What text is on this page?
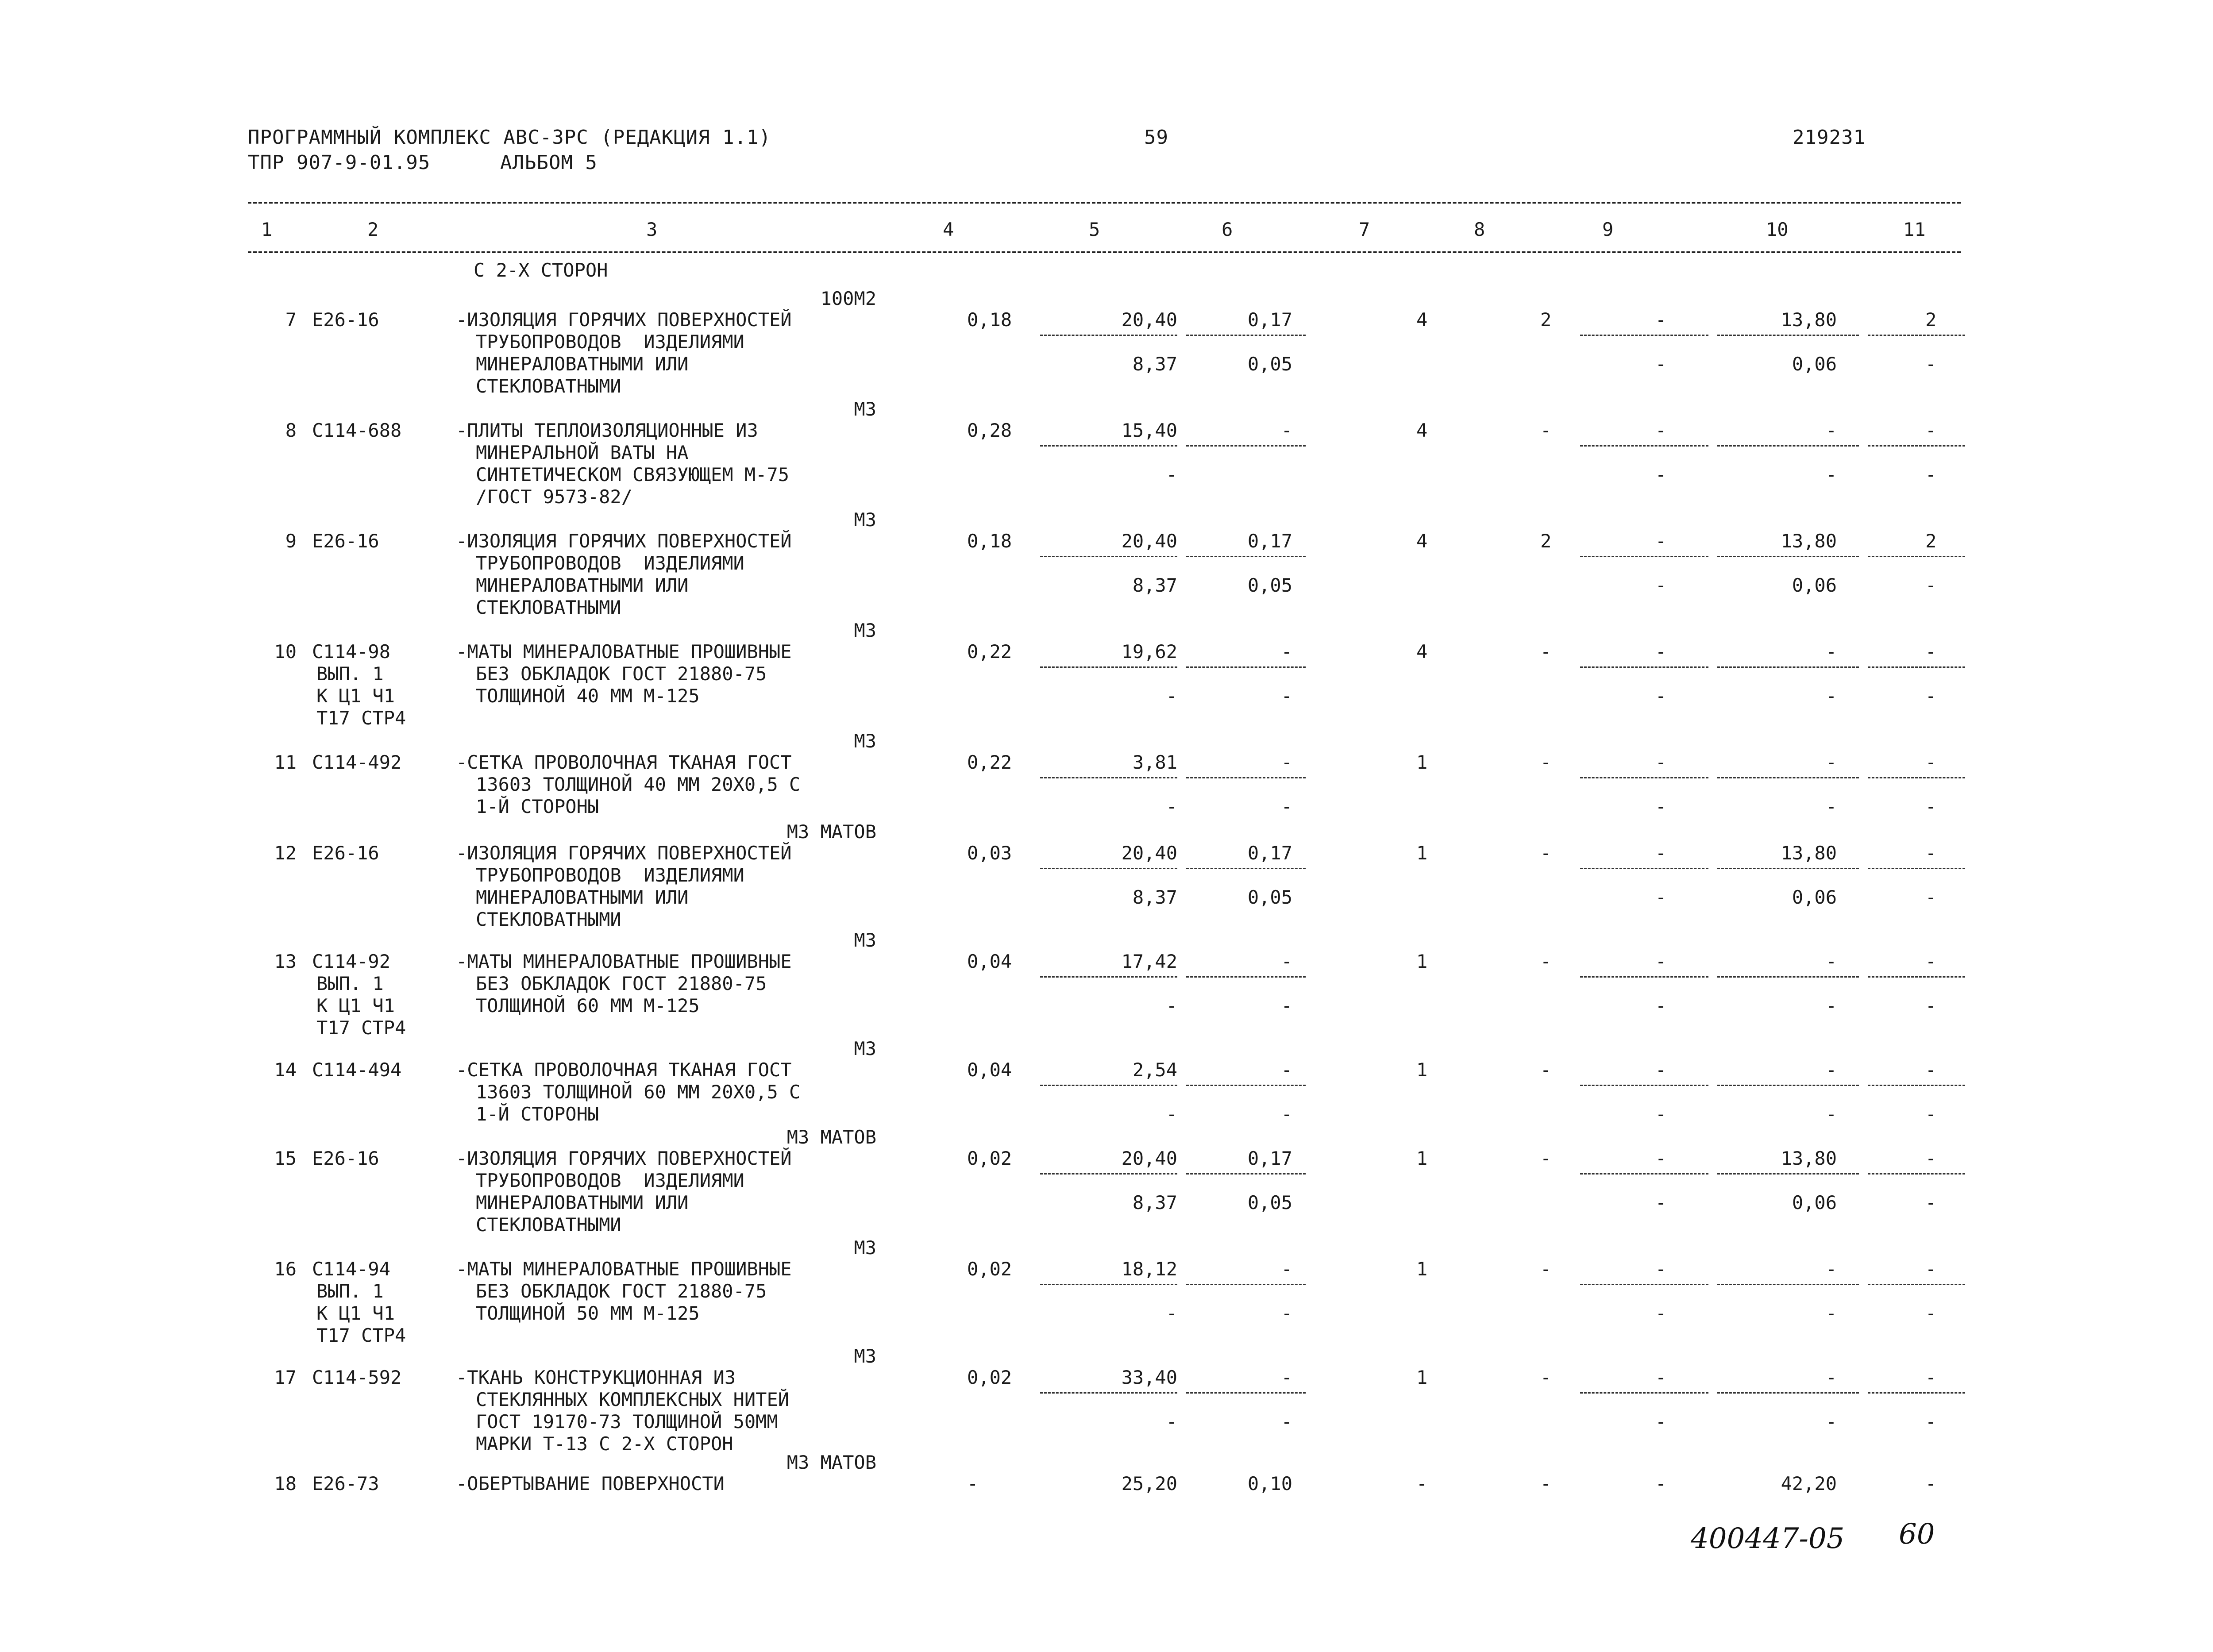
ПРОГРАММНЫЙ КОМПЛЕКС АВС-3РС (РЕДАКЦИЯ 1.1)	59	219231
ТПР 907-9-01.95	АЛЬБОМ 5
1	2	3	4	5	6	7	8	9	10	11
С 2-Х СТОРОН
100М2
7 Е26-16	-ИЗОЛЯЦИЯ ГОРЯЧИХ ПОВЕРХНОСТЕЙ
ТРУБОПРОВОДОВ  ИЗДЕЛИЯМИ
МИНЕРАЛОВАТНЫМИ ИЛИ
СТЕКЛОВАТНЫМИ
0,18	20,40	0,17	4	2	-	13,80	2
8,37	0,05	-	0,06	-
М3
8 С114-688	-ПЛИТЫ ТЕПЛОИЗОЛЯЦИОННЫЕ ИЗ
МИНЕРАЛЬНОЙ ВАТЫ НА
СИНТЕТИЧЕСКОМ СВЯЗУЮЩЕМ М-75
/ГОСТ 9573-82/
0,28	15,40	-	4	-	-	-	-
-	-	-	-
М3
9 Е26-16	-ИЗОЛЯЦИЯ ГОРЯЧИХ ПОВЕРХНОСТЕЙ
ТРУБОПРОВОДОВ  ИЗДЕЛИЯМИ
МИНЕРАЛОВАТНЫМИ ИЛИ
СТЕКЛОВАТНЫМИ
0,18	20,40	0,17	4	2	-	13,80	2
8,37	0,05	-	0,06	-
М3
10 С114-98
ВЫП. 1
К Ц1 Ч1
Т17 СТР4
-МАТЫ МИНЕРАЛОВАТНЫЕ ПРОШИВНЫЕ
БЕЗ ОБКЛАДОК ГОСТ 21880-75
ТОЛЩИНОЙ 40 ММ М-125
0,22	19,62	-	4	-	-	-	-
-	-	-	-	-
М3
11 С114-492	-СЕТКА ПРОВОЛОЧНАЯ ТКАНАЯ ГОСТ
13603 ТОЛЩИНОЙ 40 ММ 20Х0,5 С
1-Й СТОРОНЫ
0,22	3,81	-	1	-	-	-	-
-	-	-	-	-
М3 МАТОВ
12 Е26-16	-ИЗОЛЯЦИЯ ГОРЯЧИХ ПОВЕРХНОСТЕЙ
ТРУБОПРОВОДОВ  ИЗДЕЛИЯМИ
МИНЕРАЛОВАТНЫМИ ИЛИ
СТЕКЛОВАТНЫМИ
0,03	20,40	0,17	1	-	-	13,80	-
8,37	0,05	-	0,06	-
М3
13 С114-92
ВЫП. 1
К Ц1 Ч1
Т17 СТР4
-МАТЫ МИНЕРАЛОВАТНЫЕ ПРОШИВНЫЕ
БЕЗ ОБКЛАДОК ГОСТ 21880-75
ТОЛЩИНОЙ 60 ММ М-125
0,04	17,42	-	1	-	-	-	-
-	-	-	-	-
М3
14 С114-494	-СЕТКА ПРОВОЛОЧНАЯ ТКАНАЯ ГОСТ
13603 ТОЛЩИНОЙ 60 ММ 20Х0,5 С
1-Й СТОРОНЫ
0,04	2,54	-	1	-	-	-	-
-	-	-	-	-
М3 МАТОВ
15 Е26-16	-ИЗОЛЯЦИЯ ГОРЯЧИХ ПОВЕРХНОСТЕЙ
ТРУБОПРОВОДОВ  ИЗДЕЛИЯМИ
МИНЕРАЛОВАТНЫМИ ИЛИ
СТЕКЛОВАТНЫМИ
0,02	20,40	0,17	1	-	-	13,80	-
8,37	0,05	-	0,06	-
М3
16 С114-94
ВЫП. 1
К Ц1 Ч1
Т17 СТР4
-МАТЫ МИНЕРАЛОВАТНЫЕ ПРОШИВНЫЕ
БЕЗ ОБКЛАДОК ГОСТ 21880-75
ТОЛЩИНОЙ 50 ММ М-125
0,02	18,12	-	1	-	-	-	-
-	-	-	-	-
М3
17 С114-592	-ТКАНЬ КОНСТРУКЦИОННАЯ ИЗ
СТЕКЛЯННЫХ КОМПЛЕКСНЫХ НИТЕЙ
ГОСТ 19170-73 ТОЛЩИНОЙ 50ММ
МАРКИ Т-13 С 2-Х СТОРОН
0,02	33,40	-	1	-	-	-	-
-	-	-	-	-
М3 МАТОВ
18 Е26-73	-ОБЕРТЫВАНИЕ ПОВЕРХНОСТИ	-	25,20	0,10	-	-	-	42,20	-
400447-05 60
